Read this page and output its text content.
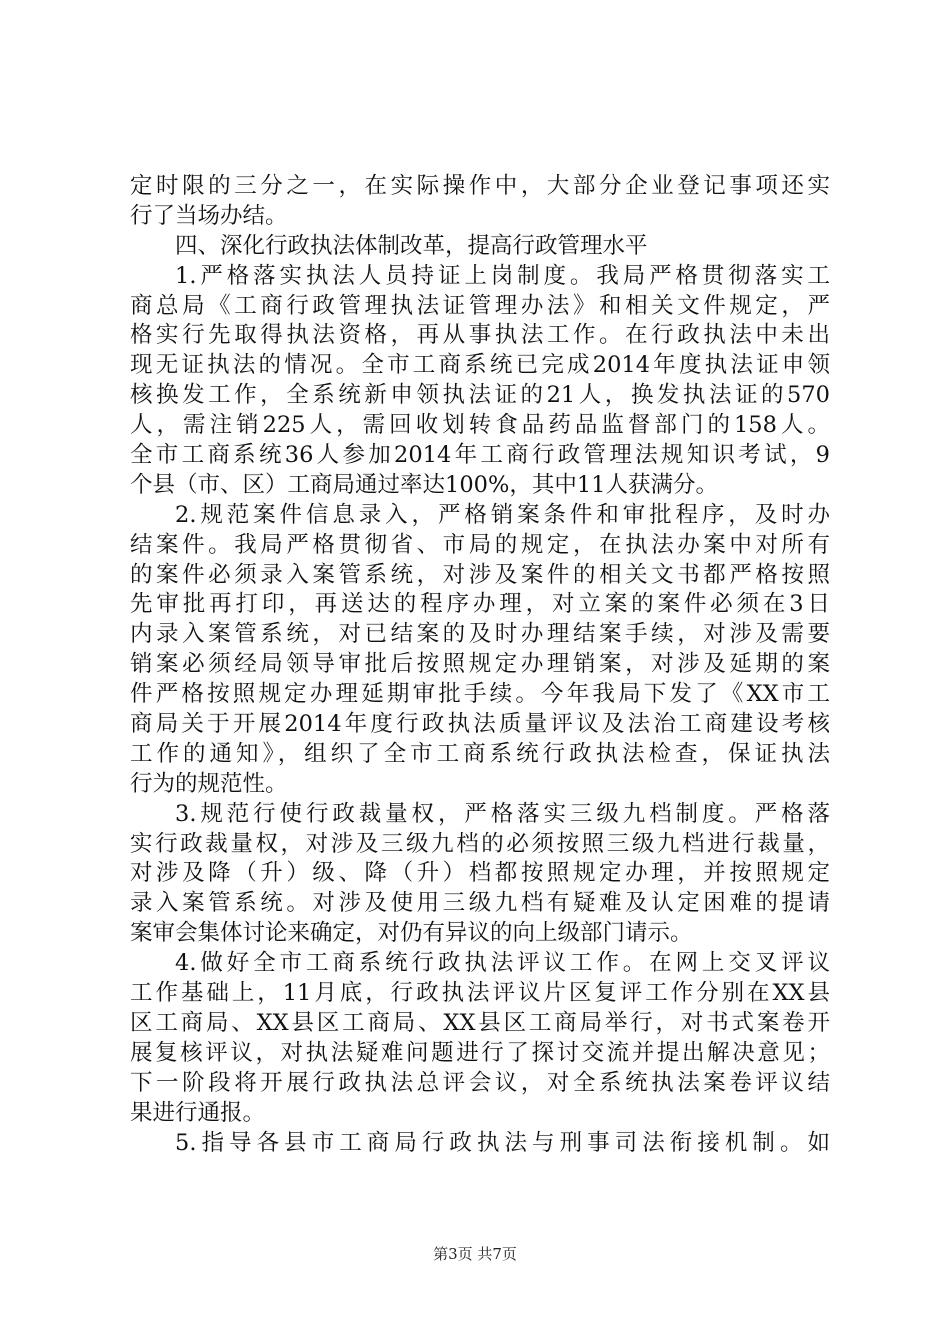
定时限的三分之一，在实际操作中，大部分企业登记事项还实
行了当场办结。
四、深化行政执法体制改革，提高行政管理水平
1.严格落实执法人员持证上岗制度。我局严格贯彻落实工
商总局《工商行政管理执法证管理办法》和相关文件规定，严
格实行先取得执法资格，再从事执法工作。在行政执法中未出
现无证执法的情况。全市工商系统已完成2014年度执法证申领
核换发工作，全系统新申领执法证的21人，换发执法证的570
人，需注销225人，需回收划转食品药品监督部门的158人。
全市工商系统36人参加2014年工商行政管理法规知识考试，9
个县（市、区）工商局通过率达100%，其中11人获满分。
2.规范案件信息录入，严格销案条件和审批程序，及时办
结案件。我局严格贯彻省、市局的规定，在执法办案中对所有
的案件必须录入案管系统，对涉及案件的相关文书都严格按照
先审批再打印，再送达的程序办理，对立案的案件必须在3日
内录入案管系统，对已结案的及时办理结案手续，对涉及需要
销案必须经局领导审批后按照规定办理销案，对涉及延期的案
件严格按照规定办理延期审批手续。今年我局下发了《XX市工
商局关于开展2014年度行政执法质量评议及法治工商建设考核
工作的通知》，组织了全市工商系统行政执法检查，保证执法
行为的规范性。
3.规范行使行政裁量权，严格落实三级九档制度。严格落
实行政裁量权，对涉及三级九档的必须按照三级九档进行裁量，
对涉及降（升）级、降（升）档都按照规定办理，并按照规定
录入案管系统。对涉及使用三级九档有疑难及认定困难的提请
案审会集体讨论来确定，对仍有异议的向上级部门请示。
4.做好全市工商系统行政执法评议工作。在网上交叉评议
工作基础上，11月底，行政执法评议片区复评工作分别在XX县
区工商局、XX县区工商局、XX县区工商局举行，对书式案卷开
展复核评议，对执法疑难问题进行了探讨交流并提出解决意见；
下一阶段将开展行政执法总评会议，对全系统执法案卷评议结
果进行通报。
5.指导各县市工商局行政执法与刑事司法衔接机制。如
第3页 共7页
